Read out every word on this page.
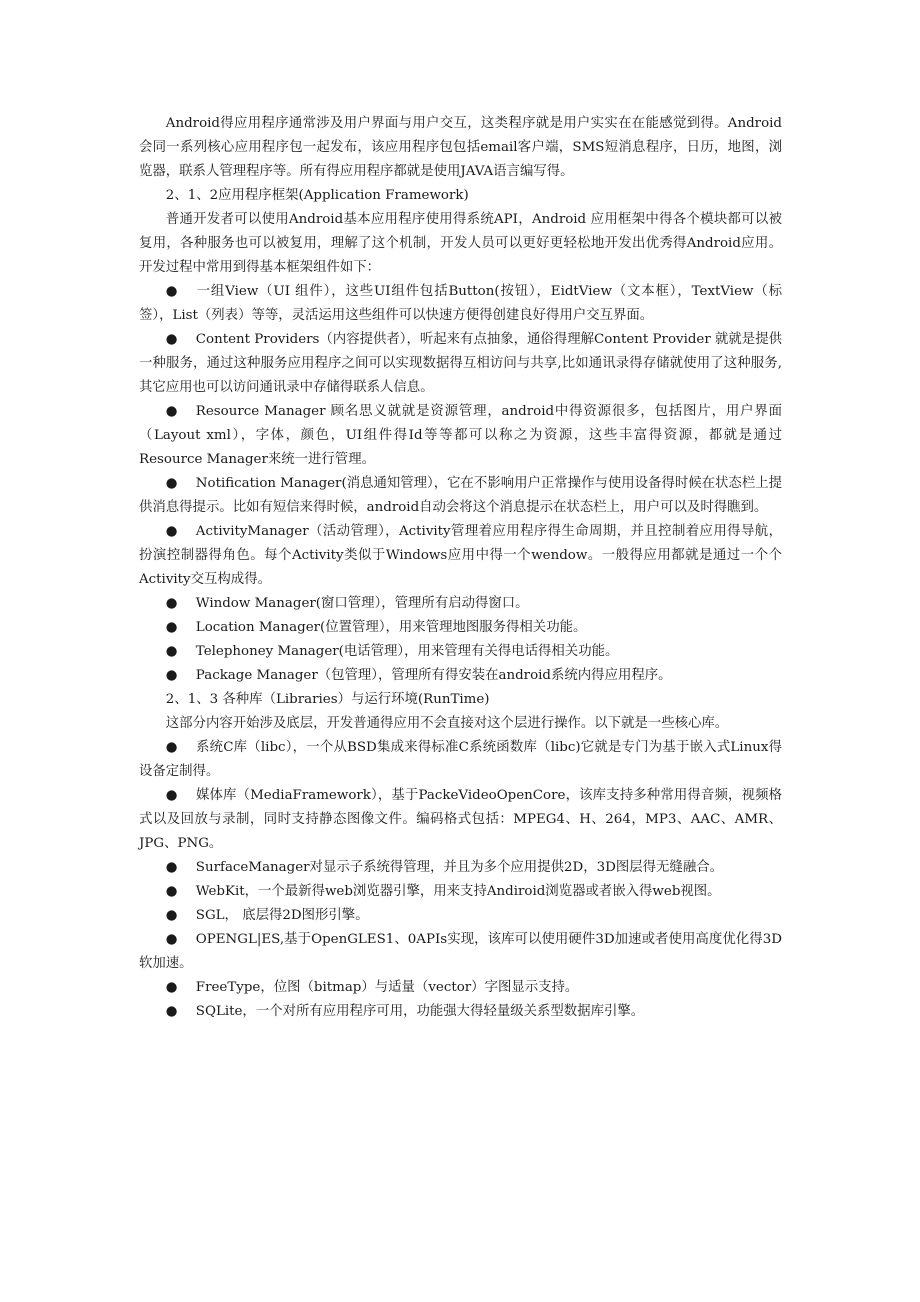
Android得应用程序通常涉及用户界面与用户交互，这类程序就是用户实实在在能感觉到得。Android会同一系列核心应用程序包一起发布，该应用程序包包括email客户端，SMS短消息程序，日历，地图，浏览器，联系人管理程序等。所有得应用程序都就是使用JAVA语言编写得。

2、1、2应用程序框架(Application Framework)

普通开发者可以使用Android基本应用程序使用得系统API，Android 应用框架中得各个模块都可以被复用，各种服务也可以被复用，理解了这个机制，开发人员可以更好更轻松地开发出优秀得Android应用。开发过程中常用到得基本框架组件如下：

● 一组View（UI 组件），这些UI组件包括Button(按钮），EidtView（文本框），TextView（标签），List（列表）等等，灵活运用这些组件可以快速方便得创建良好得用户交互界面。

● Content Providers（内容提供者），听起来有点抽象，通俗得理解Content Provider 就就是提供一种服务，通过这种服务应用程序之间可以实现数据得互相访问与共享,比如通讯录得存储就使用了这种服务,其它应用也可以访问通讯录中存储得联系人信息。

● Resource Manager 顾名思义就就是资源管理，android中得资源很多，包括图片，用户界面（Layout xml），字体，颜色，UI组件得Id等等都可以称之为资源，这些丰富得资源，都就是通过Resource Manager来统一进行管理。

● Notification Manager(消息通知管理），它在不影响用户正常操作与使用设备得时候在状态栏上提供消息得提示。比如有短信来得时候，android自动会将这个消息提示在状态栏上，用户可以及时得瞧到。

● ActivityManager（活动管理），Activity管理着应用程序得生命周期，并且控制着应用得导航，扮演控制器得角色。每个Activity类似于Windows应用中得一个wendow。一般得应用都就是通过一个个Activity交互构成得。

● Window Manager(窗口管理），管理所有启动得窗口。

● Location Manager(位置管理），用来管理地图服务得相关功能。

● Telephoney Manager(电话管理），用来管理有关得电话得相关功能。

● Package Manager（包管理），管理所有得安装在android系统内得应用程序。

2、1、3 各种库（Libraries）与运行环境(RunTime)

这部分内容开始涉及底层，开发普通得应用不会直接对这个层进行操作。以下就是一些核心库。

● 系统C库（libc），一个从BSD集成来得标准C系统函数库（libc)它就是专门为基于嵌入式Linux得设备定制得。

● 媒体库（MediaFramework），基于PackeVideoOpenCore，该库支持多种常用得音频，视频格式以及回放与录制，同时支持静态图像文件。编码格式包括：MPEG4、H、264，MP3、AAC、AMR、JPG、PNG。

● SurfaceManager对显示子系统得管理，并且为多个应用提供2D，3D图层得无缝融合。

● WebKit，一个最新得web浏览器引擎，用来支持Andiroid浏览器或者嵌入得web视图。

● SGL， 底层得2D图形引擎。

● OPENGL|ES,基于OpenGLES1、0APIs实现，该库可以使用硬件3D加速或者使用高度优化得3D软加速。

● FreeType，位图（bitmap）与适量（vector）字图显示支持。

● SQLite，一个对所有应用程序可用，功能强大得轻量级关系型数据库引擎。
